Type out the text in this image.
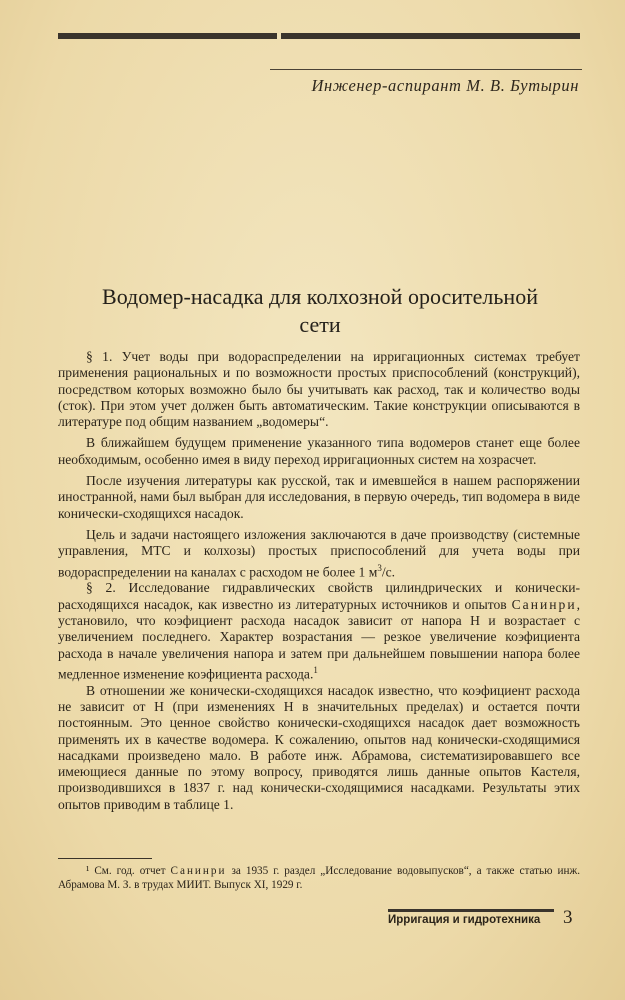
Инженер-аспирант М. В. Бутырин
Водомер-насадка для колхозной оросительной
сети

§ 1. Учет воды при водораспределении на ирригационных системах требует применения рациональных и по возможности простых приспособлений (конструкций), посредством которых возможно было бы учитывать как расход, так и количество воды (сток). При этом учет должен быть автоматическим. Такие конструкции описываются в литературе под общим названием „водомеры“.

В ближайшем будущем применение указанного типа водомеров станет еще более необходимым, особенно имея в виду переход ирригационных систем на хозрасчет.

После изучения литературы как русской, так и имевшейся в нашем распоряжении иностранной, нами был выбран для исследования, в первую очередь, тип водомера в виде конически-сходящихся насадок.

Цель и задачи настоящего изложения заключаются в даче производству (системные управления, МТС и колхозы) простых приспособлений для учета воды при водораспределении на каналах с расходом не более 1 $м^3/с$.

§ 2. Исследование гидравлических свойств цилиндрических и конически-расходящихся насадок, как известно из литературных источников и опытов Санинри, установило, что коэфициент расхода насадок зависит от напора Н и возрастает с увеличением последнего. Характер возрастания — резкое увеличение коэфициента расхода в начале увеличения напора и затем при дальнейшем повышении напора более медленное изменение коэфициента расхода.$^1$

В отношении же конически-сходящихся насадок известно, что коэфициент расхода не зависит от Н (при изменениях Н в значительных пределах) и остается почти постоянным. Это ценное свойство конически-сходящихся насадок дает возможность применять их в качестве водомера. К сожалению, опытов над конически-сходящимися насадками произведено мало. В работе инж. Абрамова, систематизировавшего все имеющиеся данные по этому вопросу, приводятся лишь данные опытов Кастеля, производившихся в 1837 г. над конически-сходящимися насадками. Результаты этих опытов приводим в таблице 1.

¹ См. год. отчет Санинри за 1935 г. раздел „Исследование водовыпусков“, а также статью инж. Абрамова М. З. в трудах МИИТ. Выпуск XI, 1929 г.

Ирригация и гидротехника 3
